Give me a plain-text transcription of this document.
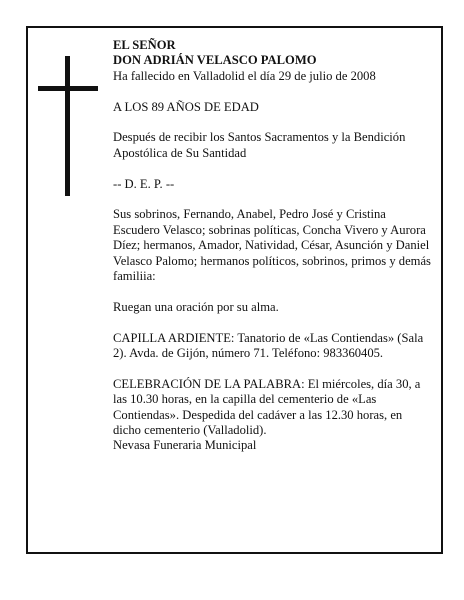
EL SEÑOR

DON ADRIÁN VELASCO PALOMO

Ha fallecido en Valladolid el día 29 de julio de 2008

A LOS 89 AÑOS DE EDAD

Después de recibir los Santos Sacramentos y la Bendición Apostólica de Su Santidad

-- D. E. P. --

Sus sobrinos, Fernando, Anabel, Pedro José y Cristina Escudero Velasco; sobrinas políticas, Concha Vivero y Aurora Díez; hermanos, Amador, Natividad, César, Asunción y Daniel Velasco Palomo; hermanos políticos, sobrinos, primos y demás familiia:

Ruegan una oración por su alma.

CAPILLA ARDIENTE: Tanatorio de «Las Contiendas» (Sala 2). Avda. de Gijón, número 71. Teléfono: 983360405.

CELEBRACIÓN DE LA PALABRA: El miércoles, día 30, a las 10.30 horas, en la capilla del cementerio de «Las Contiendas». Despedida del cadáver a las 12.30 horas, en dicho cementerio (Valladolid).

Nevasa Funeraria Municipal
